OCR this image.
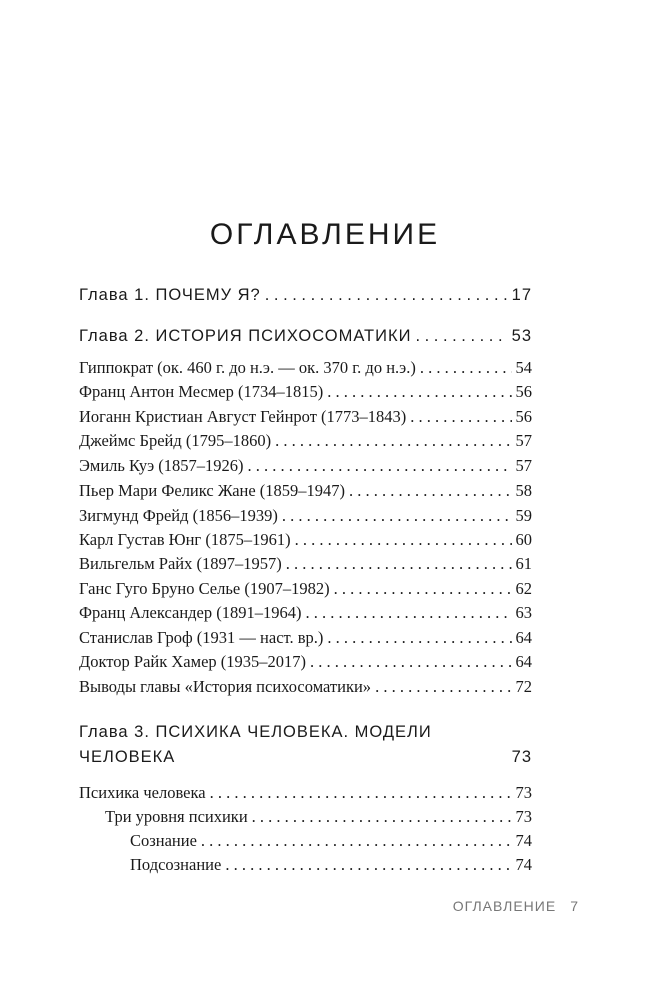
ОГЛАВЛЕНИЕ
Глава 1. ПОЧЕМУ Я? . . .	17
Глава 2. ИСТОРИЯ ПСИХОСОМАТИКИ . . .	53
Гиппократ (ок. 460 г. до н.э. — ок. 370 г. до н.э.) . . .	54
Франц Антон Месмер (1734–1815) . . .	56
Иоганн Кристиан Август Гейнрот (1773–1843) . . .	56
Джеймс Брейд (1795–1860) . . .	57
Эмиль Куэ (1857–1926) . . .	57
Пьер Мари Феликс Жане (1859–1947) . . .	58
Зигмунд Фрейд (1856–1939) . . .	59
Карл Густав Юнг (1875–1961) . . .	60
Вильгельм Райх (1897–1957) . . .	61
Ганс Гуго Бруно Селье (1907–1982) . . .	62
Франц Александер (1891–1964) . . .	63
Станислав Гроф (1931 — наст. вр.) . . .	64
Доктор Райк Хамер (1935–2017) . . .	64
Выводы главы «История психосоматики» . . .	72
Глава 3. ПСИХИКА ЧЕЛОВЕКА. МОДЕЛИ
ЧЕЛОВЕКА	73
Психика человека . . .	73
Три уровня психики . . .	73
Сознание . . .	74
Подсознание . . .	74
ОГЛАВЛЕНИЕ 7
